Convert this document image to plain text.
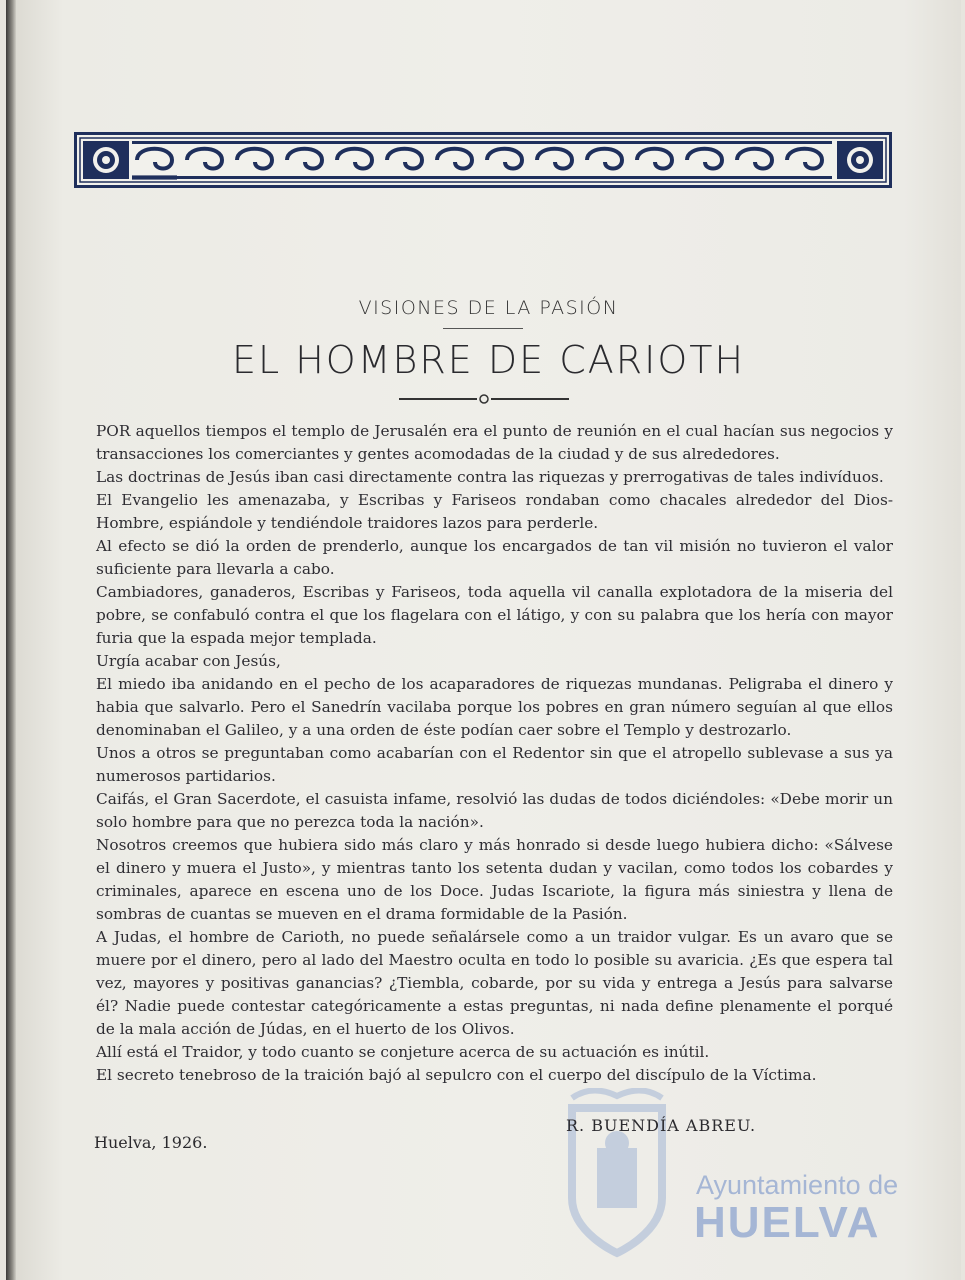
VISIONES DE LA PASIÓN
EL HOMBRE DE CARIOTH

POR aquellos tiempos el templo de Jerusalén era el punto de reunión en el cual hacían sus negocios y transacciones los comerciantes y gentes acomodadas de la ciudad y de sus alrededores.

Las doctrinas de Jesús iban casi directamente contra las riquezas y prerrogativas de tales indivíduos.

El Evangelio les amenazaba, y Escribas y Fariseos rondaban como chacales alrededor del Dios-Hombre, espiándole y tendiéndole traidores lazos para perderle.

Al efecto se dió la orden de prenderlo, aunque los encargados de tan vil misión no tuvieron el valor suficiente para llevarla a cabo.

Cambiadores, ganaderos, Escribas y Fariseos, toda aquella vil canalla explotadora de la miseria del pobre, se confabuló contra el que los flagelara con el látigo, y con su palabra que los hería con mayor furia que la espada mejor templada.

Urgía acabar con Jesús,

El miedo iba anidando en el pecho de los acaparadores de riquezas mundanas. Peligraba el dinero y habia que salvarlo. Pero el Sanedrín vacilaba porque los pobres en gran número seguían al que ellos denominaban el Galileo, y a una orden de éste podían caer sobre el Templo y destrozarlo.

Unos a otros se preguntaban como acabarían con el Redentor sin que el atropello sublevase a sus ya numerosos partidarios.

Caifás, el Gran Sacerdote, el casuista infame, resolvió las dudas de todos diciéndoles: «Debe morir un solo hombre para que no perezca toda la nación».

Nosotros creemos que hubiera sido más claro y más honrado si desde luego hubiera dicho: «Sálvese el dinero y muera el Justo», y mientras tanto los setenta dudan y vacilan, como todos los cobardes y criminales, aparece en escena uno de los Doce. Judas Iscariote, la figura más siniestra y llena de sombras de cuantas se mueven en el drama formidable de la Pasión.

A Judas, el hombre de Carioth, no puede señalársele como a un traidor vulgar. Es un avaro que se muere por el dinero, pero al lado del Maestro oculta en todo lo posible su avaricia. ¿Es que espera tal vez, mayores y positivas ganancias? ¿Tiembla, cobarde, por su vida y entrega a Jesús para salvarse él? Nadie puede contestar categóricamente a estas preguntas, ni nada define plenamente el porqué de la mala acción de Júdas, en el huerto de los Olivos.

Allí está el Traidor, y todo cuanto se conjeture acerca de su actuación es inútil.

El secreto tenebroso de la traición bajó al sepulcro con el cuerpo del discípulo de la Víctima.

Ayuntamiento de
HUELVA
R. BUENDÍA ABREU.
Huelva, 1926.
